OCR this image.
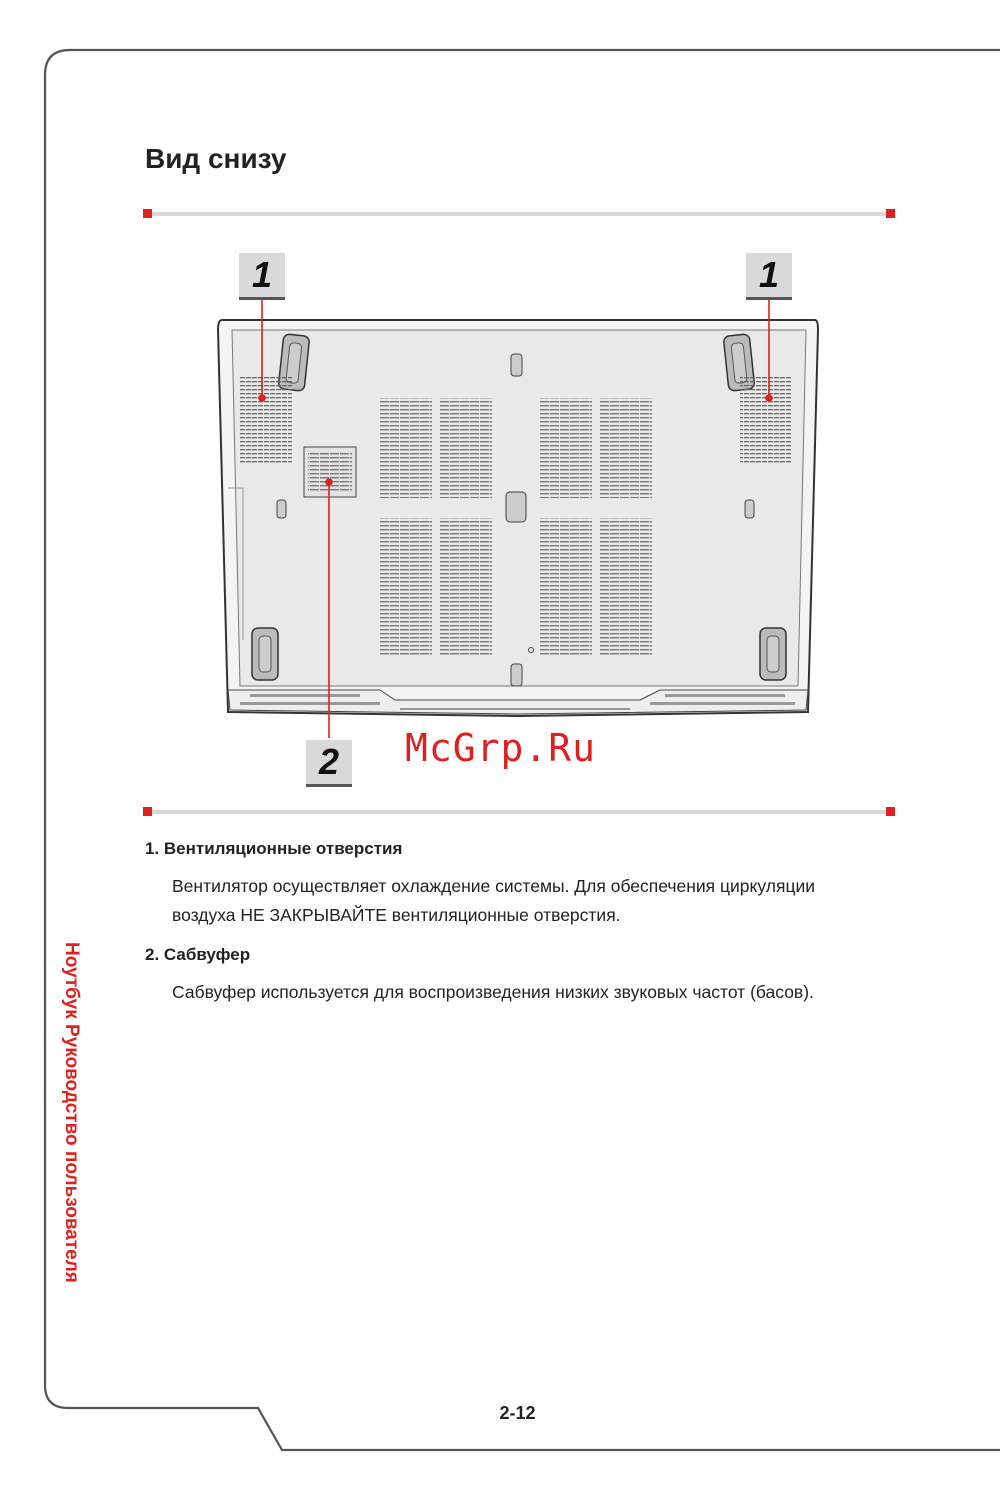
Вид снизу
1	1
2	McGrp.Ru
1. Вентиляционные отверстия
Вентилятор осуществляет охлаждение системы. Для обеспечения циркуляции воздуха НЕ ЗАКРЫВАЙТЕ вентиляционные отверстия.
2. Сабвуфер
Сабвуфер используется для воспроизведения низких звуковых частот (басов).
Ноутбук Руководство пользователя
2-12
